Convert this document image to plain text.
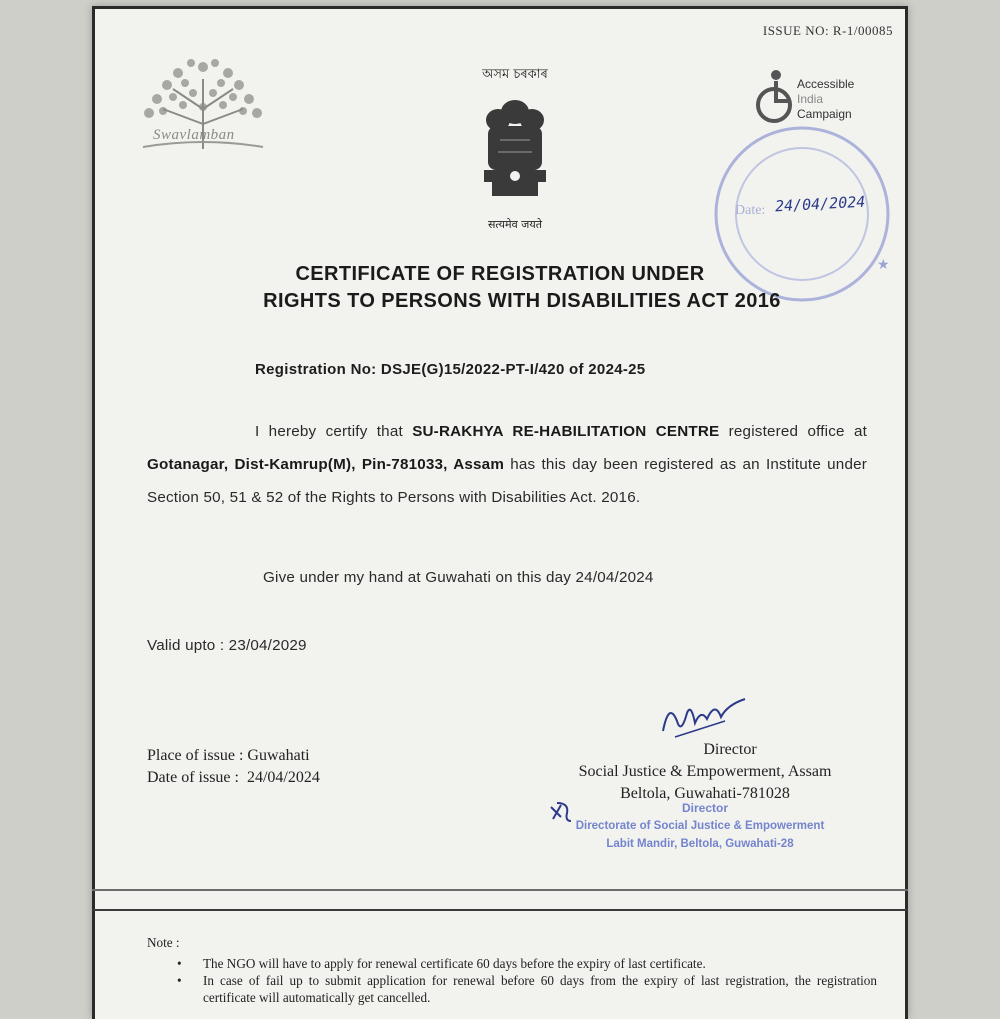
ISSUE NO: R-1/00085
Swavlamban
অসম চৰকাৰ
सत्यमेव जयते
Accessible
India
Campaign
★
Date: 24/04/2024
CERTIFICATE OF REGISTRATION UNDER
RIGHTS TO PERSONS WITH DISABILITIES ACT 2016
Registration No: DSJE(G)15/2022-PT-I/420 of 2024-25
I hereby certify that SU-RAKHYA RE-HABILITATION CENTRE registered office at Gotanagar, Dist-Kamrup(M), Pin-781033, Assam has this day been registered as an Institute under Section 50, 51 & 52 of the Rights to Persons with Disabilities Act. 2016.
Give under my hand at Guwahati on this day 24/04/2024
Valid upto : 23/04/2029
Place of issue : Guwahati
Date of issue :  24/04/2024
Director
Social Justice & Empowerment, Assam
Beltola, Guwahati-781028
Director
Directorate of Social Justice & Empowerment
Labit Mandir, Beltola, Guwahati-28
Note :
• The NGO will have to apply for renewal certificate 60 days before the expiry of last certificate.
• In case of fail up to submit application for renewal before 60 days from the expiry of last registration, the registration certificate will automatically get cancelled.
